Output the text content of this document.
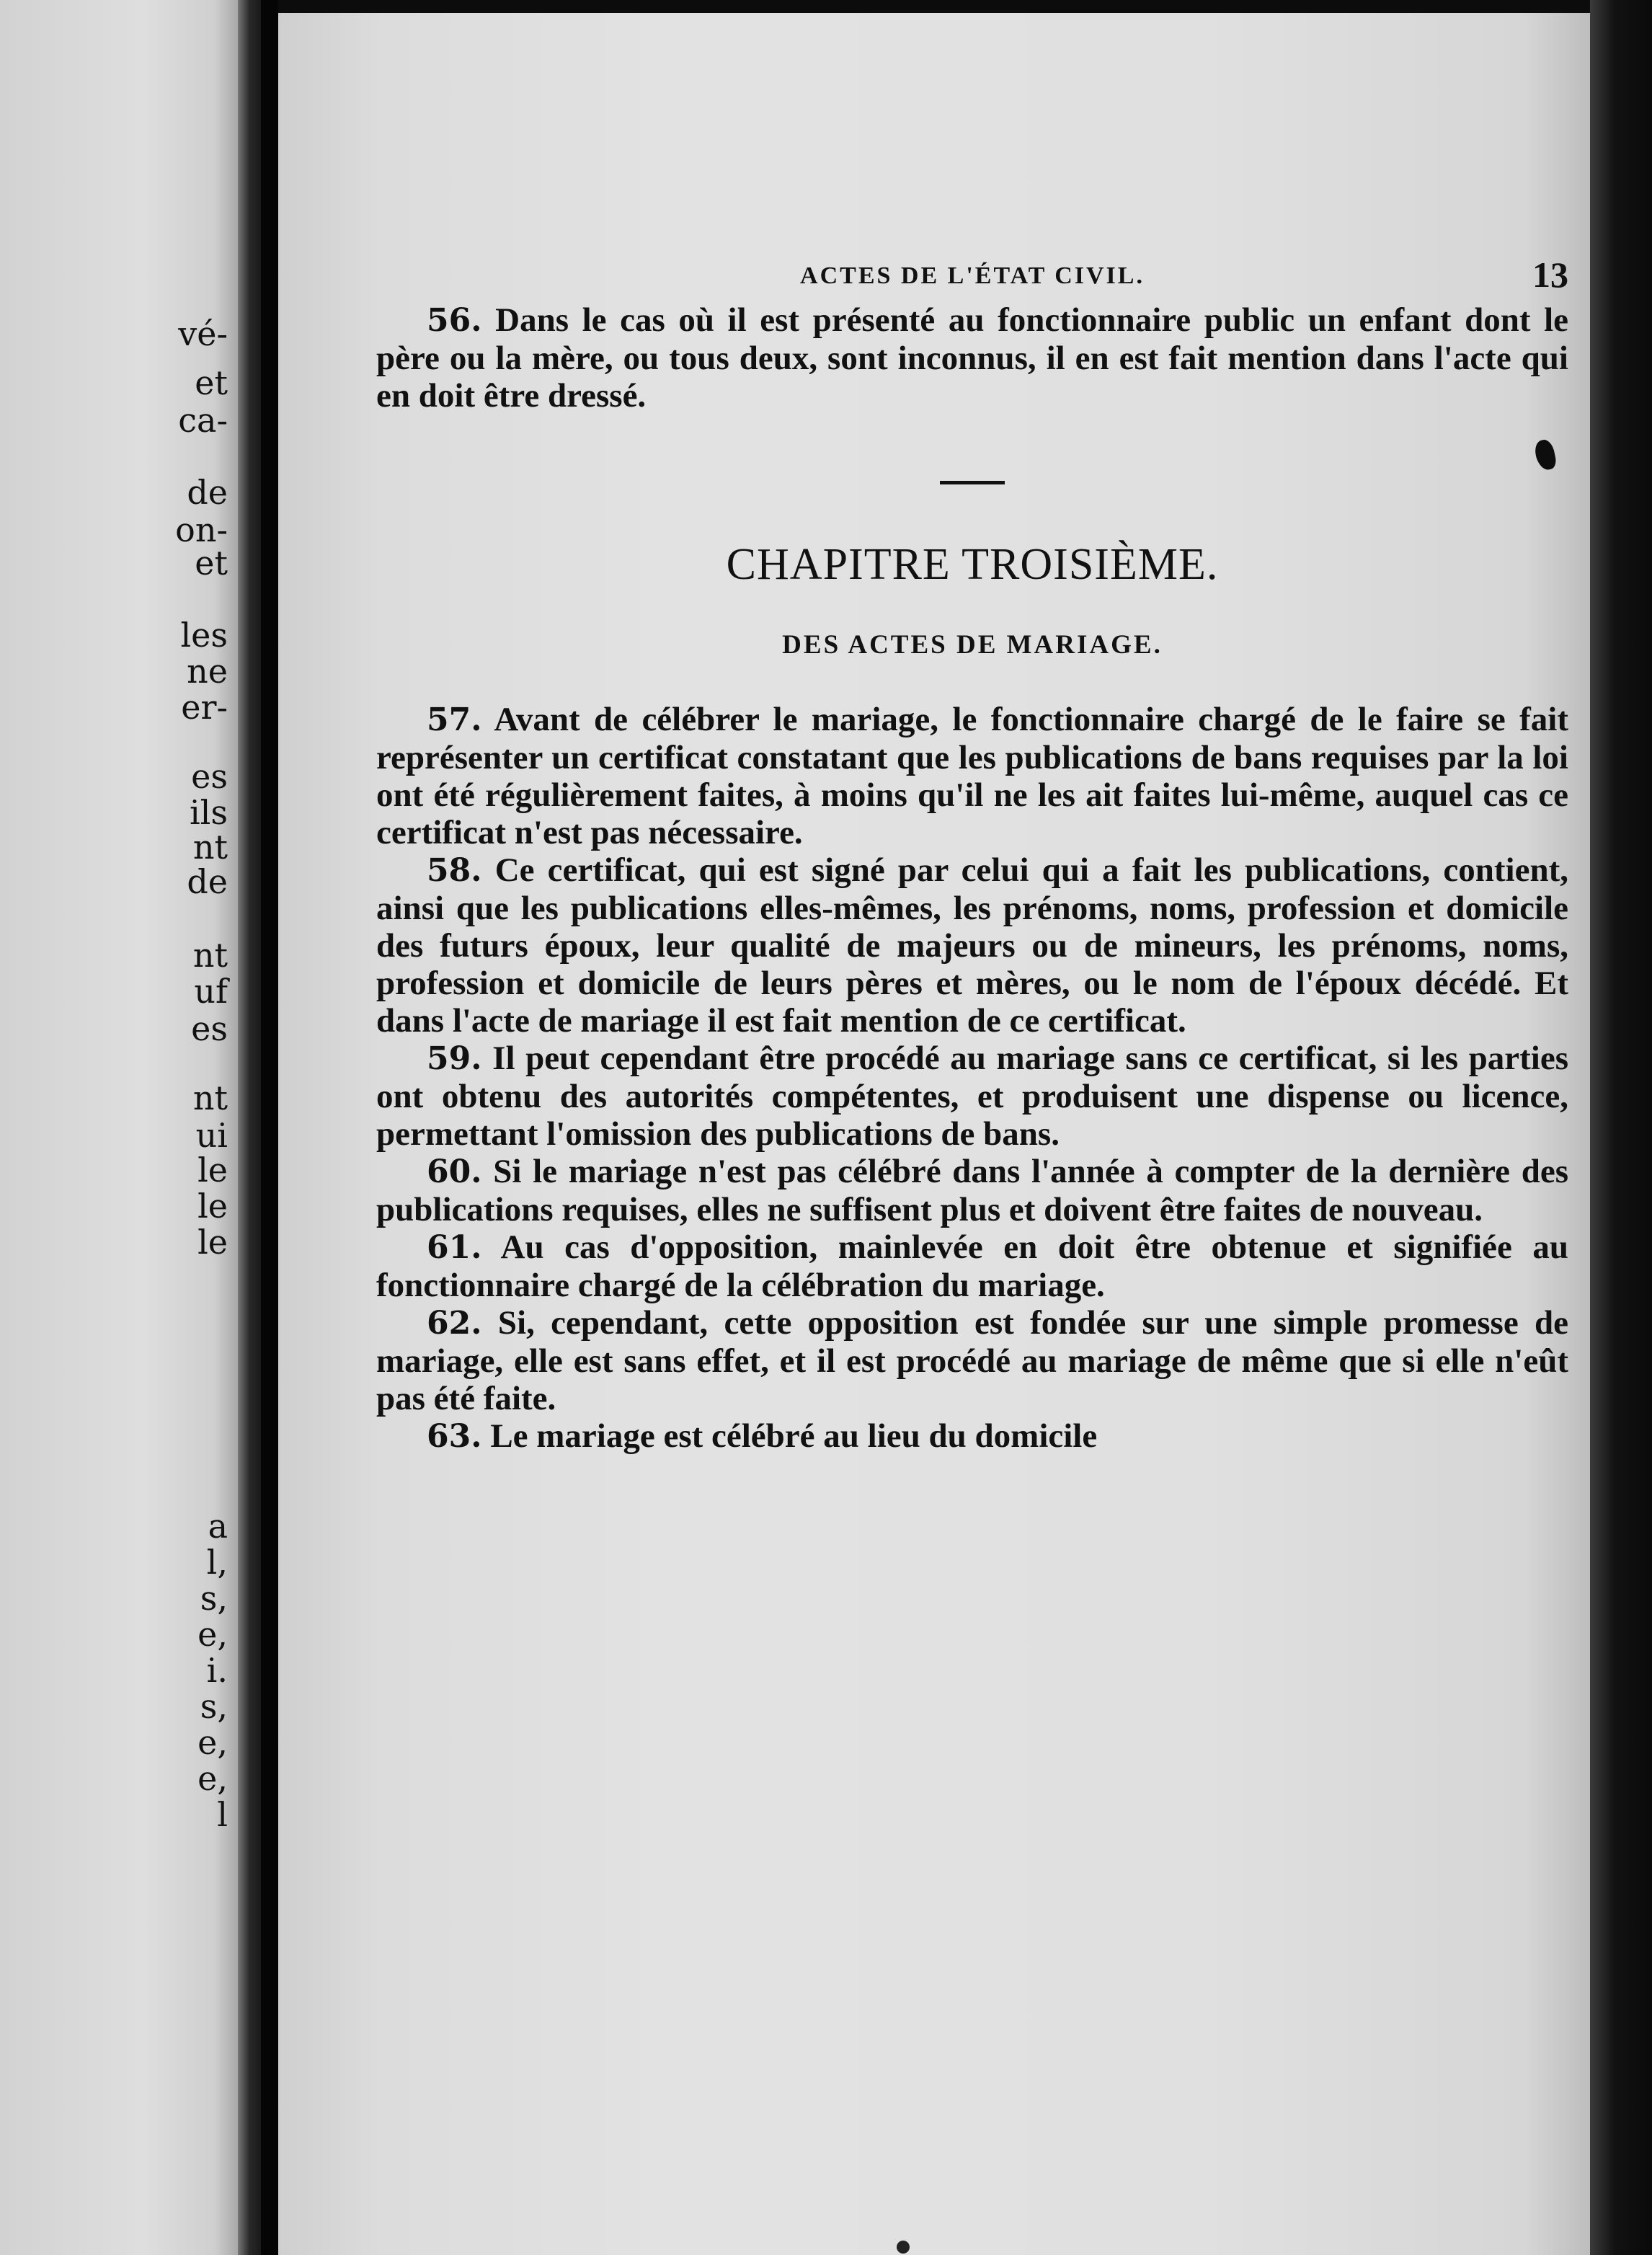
vé-
et
ca-
de
on-
et
les
ne
er-
es
ils
nt
de
nt
uf
es
nt
ui
le
le
le
a
l,
s,
e,
i.
s,
e,
e,
l
ACTES DE L'ÉTAT CIVIL.	13

56. Dans le cas où il est présenté au fonctionnaire public un enfant dont le père ou la mère, ou tous deux, sont inconnus, il en est fait mention dans l'acte qui en doit être dressé.

CHAPITRE TROISIÈME.
DES ACTES DE MARIAGE.

57. Avant de célébrer le mariage, le fonctionnaire chargé de le faire se fait représenter un certificat constatant que les publications de bans requises par la loi ont été régulièrement faites, à moins qu'il ne les ait faites lui-même, auquel cas ce certificat n'est pas nécessaire.

58. Ce certificat, qui est signé par celui qui a fait les publications, contient, ainsi que les publications elles-mêmes, les prénoms, noms, profession et domicile des futurs époux, leur qualité de majeurs ou de mineurs, les prénoms, noms, profession et domicile de leurs pères et mères, ou le nom de l'époux décédé. Et dans l'acte de mariage il est fait mention de ce certificat.

59. Il peut cependant être procédé au mariage sans ce certificat, si les parties ont obtenu des autorités compétentes, et produisent une dispense ou licence, permettant l'omission des publications de bans.

60. Si le mariage n'est pas célébré dans l'année à compter de la dernière des publications requises, elles ne suffisent plus et doivent être faites de nouveau.

61. Au cas d'opposition, mainlevée en doit être obtenue et signifiée au fonctionnaire chargé de la célébration du mariage.

62. Si, cependant, cette opposition est fondée sur une simple promesse de mariage, elle est sans effet, et il est procédé au mariage de même que si elle n'eût pas été faite.

63. Le mariage est célébré au lieu du domicile
